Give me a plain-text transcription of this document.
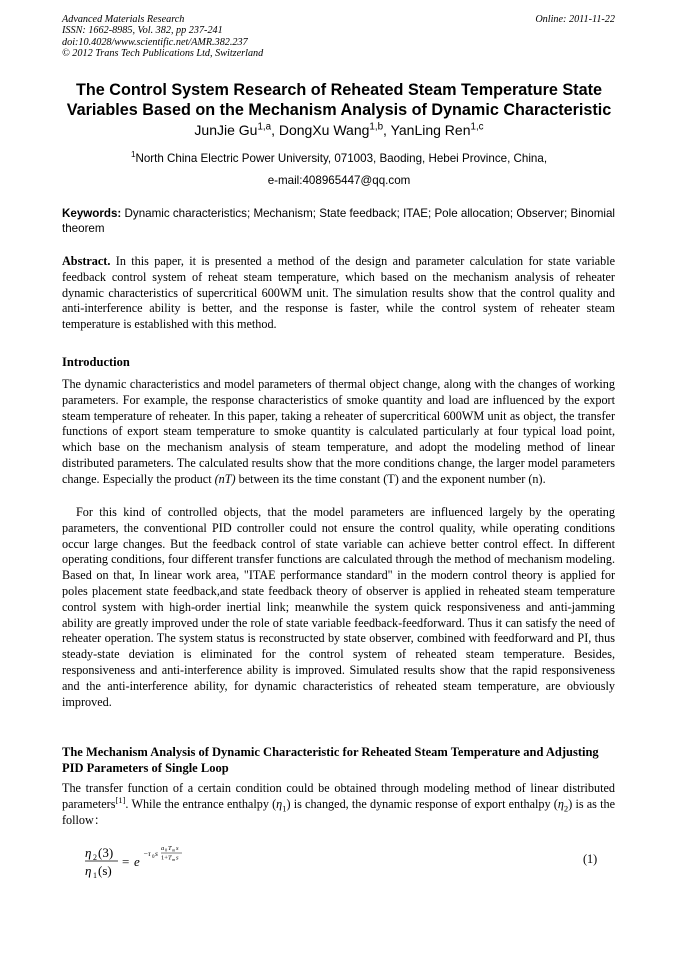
Advanced Materials Research
ISSN: 1662-8985, Vol. 382, pp 237-241
doi:10.4028/www.scientific.net/AMR.382.237
© 2012 Trans Tech Publications Ltd, Switzerland
Online: 2011-11-22
The Control System Research of Reheated Steam Temperature State
Variables Based on the Mechanism Analysis of Dynamic Characteristic
JunJie Gu$^{1,a}$, DongXu Wang$^{1,b}$, YanLing Ren$^{1,c}$
$^1$North China Electric Power University, 071003, Baoding, Hebei Province, China,
e-mail:408965447@qq.com
Keywords: Dynamic characteristics; Mechanism; State feedback; ITAE; Pole allocation; Observer; Binomial theorem
Abstract. In this paper, it is presented a method of the design and parameter calculation for state variable feedback control system of reheat steam temperature, which based on the mechanism analysis of reheater dynamic characteristics of supercritical 600WM unit. The simulation results show that the control quality and anti-interference ability is better, and the response is faster, while the control system of reheater steam temperature is established with this method.
Introduction
The dynamic characteristics and model parameters of thermal object change, along with the changes of working parameters. For example, the response characteristics of smoke quantity and load are influenced by the export steam temperature of reheater. In this paper, taking a reheater of supercritical 600WM unit as object, the transfer functions of export steam temperature to smoke quantity is calculated particularly at four typical load point, which base on the mechanism analysis of steam temperature, and adopt the modeling method of linear distributed parameters. The calculated results show that the more conditions change, the larger model parameters change. Especially the product (nT) between its the time constant (T) and the exponent number (n).
For this kind of controlled objects, that the model parameters are influenced largely by the operating parameters, the conventional PID controller could not ensure the control quality, while operating conditions occur large changes. But the feedback control of state variable can achieve better control effect. In different operating conditions, four different transfer functions are calculated through the method of mechanism modeling. Based on that, In linear work area, "ITAE performance standard" in the modern control theory is applied for poles placement state feedback,and state feedback theory of observer is applied in reheated steam temperature control system with high-order inertial link; meanwhile the system quick responsiveness and anti-jamming ability are greatly improved under the role of state variable feedback-feedforward. Thus it can satisfy the need of reheater operation. The system status is reconstructed by state observer, combined with feedforward and PI, thus steady-state deviation is eliminated for the control system of reheated steam temperature. Besides, responsiveness and anti-interference ability is improved. Simulated results show that the rapid responsiveness and the anti-interference ability, for dynamic characteristics of reheated steam temperature, are obviously improved.
The Mechanism Analysis of Dynamic Characteristic for Reheated Steam Temperature and Adjusting PID Parameters of Single Loop
The transfer function of a certain condition could be obtained through modeling method of linear distributed parameters[1]. While the entrance enthalpy $(\eta_1)$ is changed, the dynamic response of export enthalpy $(\eta_2)$ is as the follow：
η 2 (3)
η 1 (s)
= e
−τ 0 s
a 0 T m s
1+ T m s	(1)
